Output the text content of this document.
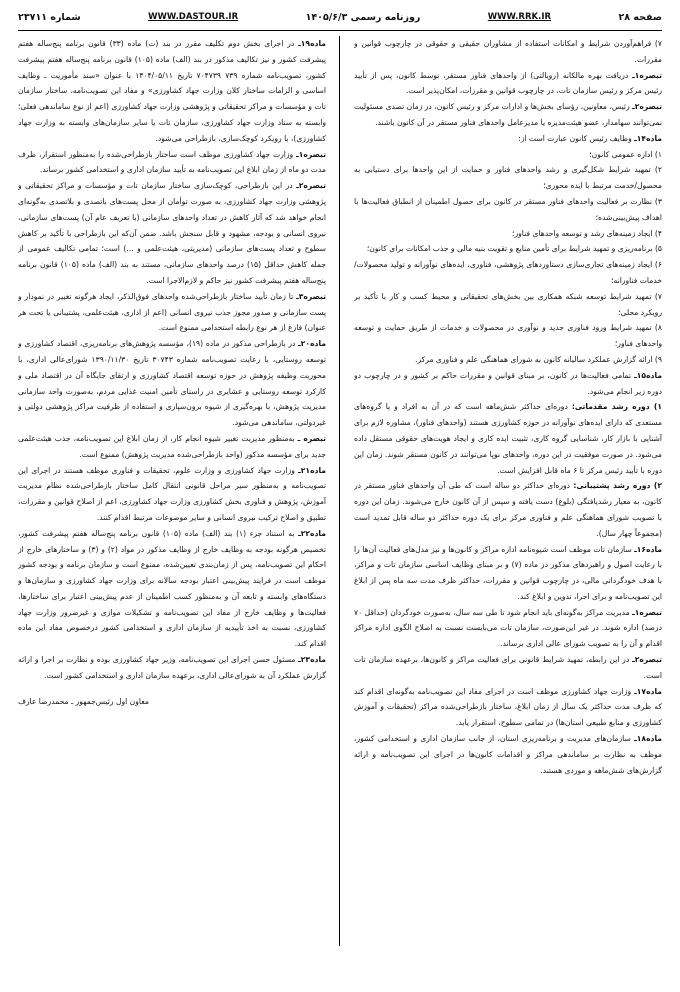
صفحه ۲۸
WWW.RRK.IR
روزنامه رسمی ۱۴۰۵/۶/۳
WWW.DASTOUR.IR
شماره ۲۳۷۱۱

۷) فراهم‌آوردن شرایط و امکانات استفاده از مشاوران حقیقی و حقوقی در چارچوب قوانین و مقررات.

تبصره۱ـ دریافت بهره مالکانه (رویالتی) از واحدهای فناور مستقر، توسط کانون، پس از تأیید رئیس مرکز و رئیس سازمان تات، در چارچوب قوانین و مقررات، امکان‌پذیر است.

تبصره۲ـ رئیس، معاونین، رؤسای بخش‌ها و ادارات مرکز و رئیس کانون، در زمان تصدی مسئولیت نمی‌توانند سهامدار، عضو هیئت‌مدیره یا مدیرعامل واحدهای فناور مستقر در آن کانون باشند.

ماده۱۴ـ وظایف رئیس کانون عبارت است از:

۱) اداره عمومی کانون؛

۲) تمهید شرایط شکل‌گیری و رشد واحدهای فناور و حمایت از این واحدها برای دستیابی به محصول/خدمت مرتبط با ایده محوری؛

۳) نظارت بر فعالیت واحدهای فناور مستقر در کانون برای حصول اطمینان از انطباق فعالیت‌ها با اهداف پیش‌بینی‌شده؛

۴) ایجاد زمینه‌های رشد و توسعه واحدهای فناور؛

۵) برنامه‌ریزی و تمهید شرایط برای تأمین منابع و تقویت بنیه مالی و جذب امکانات برای کانون؛

۶) ایجاد زمینه‌های تجاری‌سازی دستاوردهای پژوهشی، فناوری، ایده‌های نوآورانه و تولید محصولات/ خدمات فناورانه؛

۷) تمهید شرایط توسعه شبکه همکاری بین بخش‌های تحقیقاتی و محیط کسب و کار با تأکید بر رویکرد محلی؛

۸) تمهید شرایط ورود فناوری جدید و نوآوری در محصولات و خدمات از طریق حمایت و توسعه واحدهای فناور؛

۹) ارائه گزارش عملکرد سالیانه کانون به شورای هماهنگی علم و فناوری مرکز.

ماده۱۵ـ تمامی فعالیت‌ها در کانون، بر مبنای قوانین و مقررات حاکم بر کشور و در چارچوب دو دوره زیر انجام می‌شود.

۱) دوره رشد مقدماتی: دوره‌ای حداکثر شش‌ماهه است که در آن به افراد و یا گروه‌های مستعدی که دارای ایده‌های نوآورانه در حوزه کشاورزی هستند (واحدهای فناور)، مشاوره لازم برای آشنایی با بازار کار، شناسایی گروه کاری، تثبیت ایده کاری و ایجاد هویت‌های حقوقی مستقل داده می‌شود. در صورت موفقیت در این دوره، واحدهای نوپا می‌توانند در کانون مستقر شوند. زمان این دوره با تأیید رئیس مرکز تا ۶ ماه قابل افزایش است.

۲) دوره رشد پشتیبانی: دوره‌ای حداکثر دو ساله است که طی آن واحدهای فناور مستقر در کانون، به معیار رشدیافتگی (بلوغ) دست یافته و سپس از آن کانون خارج می‌شوند. زمان این دوره با تصویب شورای هماهنگی علم و فناوری مرکز برای یک دوره حداکثر دو ساله قابل تمدید است (مجموعاً چهار سال).

ماده۱۶ـ سازمان تات موظف است شیوه‌نامه اداره مراکز و کانون‌ها و نیز مدل‌های فعالیت آن‌ها را با رعایت اصول و راهبردهای مذکور در ماده (۷) و بر مبنای وظایف اساسی سازمان تات و مراکز، با هدف خودگردانی مالی، در چارچوب قوانین و مقررات، حداکثر ظرف مدت سه ماه پس از ابلاغ این تصویب‌نامه و برای اجرا، تدوین و ابلاغ کند.

تبصره۱ـ مدیریت مراکز به‌گونه‌ای باید انجام شود تا طی سه سال، به‌صورت خودگردان (حداقل ۷۰ درصد) اداره شوند. در غیر این‌صورت، سازمان تات می‌بایست نسبت به اصلاح الگوی اداره مراکز اقدام و آن را به تصویب شورای عالی اداری برساند.

تبصره۲ـ در این رابطه، تمهید شرایط قانونی برای فعالیت مراکز و کانون‌ها، برعهده سازمان تات است.

ماده۱۷ـ وزارت جهاد کشاورزی موظف است در اجرای مفاد این تصویب‌نامه به‌گونه‌ای اقدام کند که ظرف مدت حداکثر یک سال از زمان ابلاغ، ساختار بازطراحی‌شده مراکز (تحقیقات و آموزش کشاورزی و منابع طبیعی استان‌ها) در تمامی سطوح، استقرار یابد.

ماده۱۸ـ سازمان‌های مدیریت و برنامه‌ریزی استان، از جانب سازمان اداری و استخدامی کشور، موظف به نظارت بر ساماندهی مراکز و اقدامات کانون‌ها در اجرای این تصویب‌نامه و ارائه گزارش‌های شش‌ماهه و موردی هستند.

ماده۱۹ـ در اجرای بخش دوم تکلیف مقرر در بند (ت) ماده (۳۳) قانون برنامه پنج‌ساله هفتم پیشرفت کشور و نیز تکالیف مذکور در بند (الف) ماده (۱۰۵) قانون برنامه پنج‌ساله هفتم پیشرفت کشور، تصویب‌نامه شماره ۷۳۹ ۷۰۴۷۳۹ تاریخ ۱۴۰۴/۰۵/۱۱ با عنوان «سند مأموریت ـ وظایف اساسی و الزامات ساختار کلان وزارت جهاد کشاورزی» و مفاد این تصویب‌نامه، ساختار سازمان تات و مؤسسات و مراکز تحقیقاتی و پژوهشی وزارت جهاد کشاورزی (اعم از نوع ساماندهی فعلی؛ وابسته به ستاد وزارت جهاد کشاورزی، سازمان تات یا سایر سازمان‌های وابسته به وزارت جهاد کشاورزی)، با رویکرد کوچک‌سازی، بازطراحی می‌شود.

تبصره۱ـ وزارت جهاد کشاورزی موظف است ساختار بازطراحی‌شده را به‌منظور استقرار، ظرف مدت دو ماه از زمان ابلاغ این تصویب‌نامه به تأیید سازمان اداری و استخدامی کشور برساند.

تبصره۲ـ در این بازطراحی، کوچک‌سازی ساختار سازمان تات و مؤسسات و مراکز تحقیقاتی و پژوهشی وزارت جهاد کشاورزی، به صورت توأمان از محل پست‌های باتصدی و بلاتصدی به‌گونه‌ای انجام خواهد شد که آثار کاهش در تعداد واحدهای سازمانی (با تعریف عام آن) پست‌های سازمانی، نیروی انسانی و بودجه، مشهود و قابل سنجش باشد. ضمن آن‌که این بازطراحی با تأکید بر کاهش سطوح و تعداد پست‌های سازمانی (مدیریتی، هیئت‌علمی و ...) است؛ تمامی تکالیف عمومی از جمله کاهش حداقل (۱۵) درصد واحدهای سازمانی، مستند به بند (الف) ماده (۱۰۵) قانون برنامه پنج‌ساله هفتم پیشرفت کشور نیز حاکم و لازم‌الاجرا است.

تبصره۳ـ تا زمان تأیید ساختار بازطراحی‌شده واحدهای فوق‌الذکر، ایجاد هرگونه تغییر در نمودار و پست سازمانی و صدور مجوز جذب نیروی انسانی (اعم از اداری، هیئت‌علمی، پشتیبانی یا تحت هر عنوان) فارغ از هر نوع رابطه استخدامی ممنوع است.

ماده۲۰ـ در بازطراحی مذکور در ماده (۱۹)، مؤسسه پژوهش‌های برنامه‌ریزی، اقتصاد کشاورزی و توسعه روستایی، با رعایت تصویب‌نامه شماره ۳۰۷۴۳ تاریخ ۱۳۹۰/۱۱/۳۰ شورای‌عالی اداری، با محوریت وظیفه پژوهش در حوزه توسعه اقتصاد کشاورزی و ارتقای جایگاه آن در اقتصاد ملی و کارکرد توسعه روستایی و عشایری در راستای تأمین امنیت غذایی مردم، به‌صورت واحد سازمانی مدیریت پژوهش، با بهره‌گیری از شیوه برون‌سپاری و استفاده از ظرفیت مراکز پژوهشی دولتی و غیردولتی، ساماندهی می‌شود.

تبصره ـ به‌منظور مدیریت تغییر شیوه انجام کار، از زمان ابلاغ این تصویب‌نامه، جذب هیئت‌علمی جدید برای مؤسسه مذکور (واحد بازطراحی‌شده مدیریت پژوهش) ممنوع است.

ماده۲۱ـ وزارت جهاد کشاورزی و وزارت علوم، تحقیقات و فناوری موظف هستند در اجرای این تصویب‌نامه و به‌منظور سیر مراحل قانونی انتقال کامل ساختار بازطراحی‌شده نظام مدیریت آموزش، پژوهش و فناوری بخش کشاورزی وزارت جهاد کشاورزی، اعم از اصلاح قوانین و مقررات، تطبیق و اصلاح ترکیب نیروی انسانی و سایر موضوعات مرتبط اقدام کنند.

ماده۲۲ـ به استناد جزء (۱) بند (الف) ماده (۱۰۵) قانون برنامه پنج‌ساله هفتم پیشرفت کشور، تخصیص هرگونه بودجه به وظایف خارج از وظایف مذکور در مواد (۲) و (۳) و ساختارهای خارج از احکام این تصویب‌نامه، پس از زمان‌بندی تعیین‌شده، ممنوع است و سازمان برنامه و بودجه کشور موظف است در فرایند پیش‌بینی اعتبار بودجه سالانه برای وزارت جهاد کشاورزی و سازمان‌ها و دستگاه‌های وابسته و تابعه آن و به‌منظور کسب اطمینان از عدم پیش‌بینی اعتبار برای ساختارها، فعالیت‌ها و وظایف خارج از مفاد این تصویب‌نامه و تشکیلات موازی و غیرضرور وزارت جهاد کشاورزی، نسبت به اخذ تأییدیه از سازمان اداری و استخدامی کشور درخصوص مفاد این ماده اقدام کند.

ماده۲۳ـ مسئول حسن اجرای این تصویب‌نامه، وزیر جهاد کشاورزی بوده و نظارت بر اجرا و ارائه گزارش عملکرد آن به شورای‌عالی اداری، برعهده سازمان اداری و استخدامی کشور است.

معاون اول رئیس‌جمهور ـ محمدرضا عارف
